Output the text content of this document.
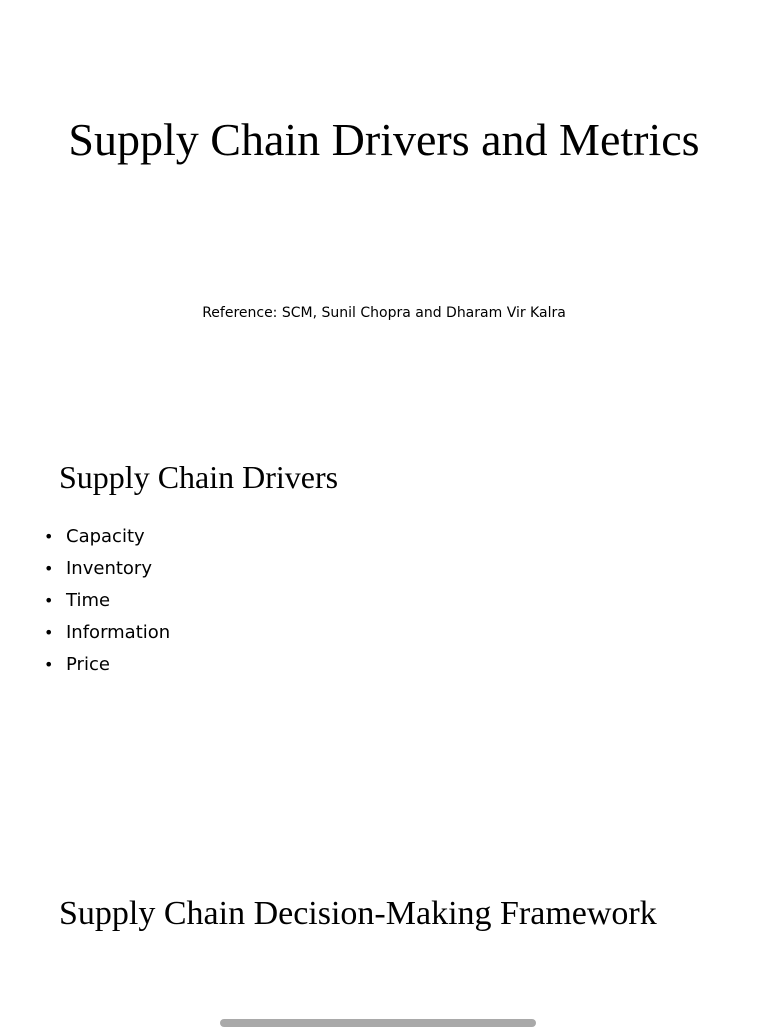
Supply Chain Drivers and Metrics

Reference: SCM, Sunil Chopra and Dharam Vir Kalra

Supply Chain Drivers
• Capacity
• Inventory
• Time
• Information
• Price
Supply Chain Decision-Making Framework
